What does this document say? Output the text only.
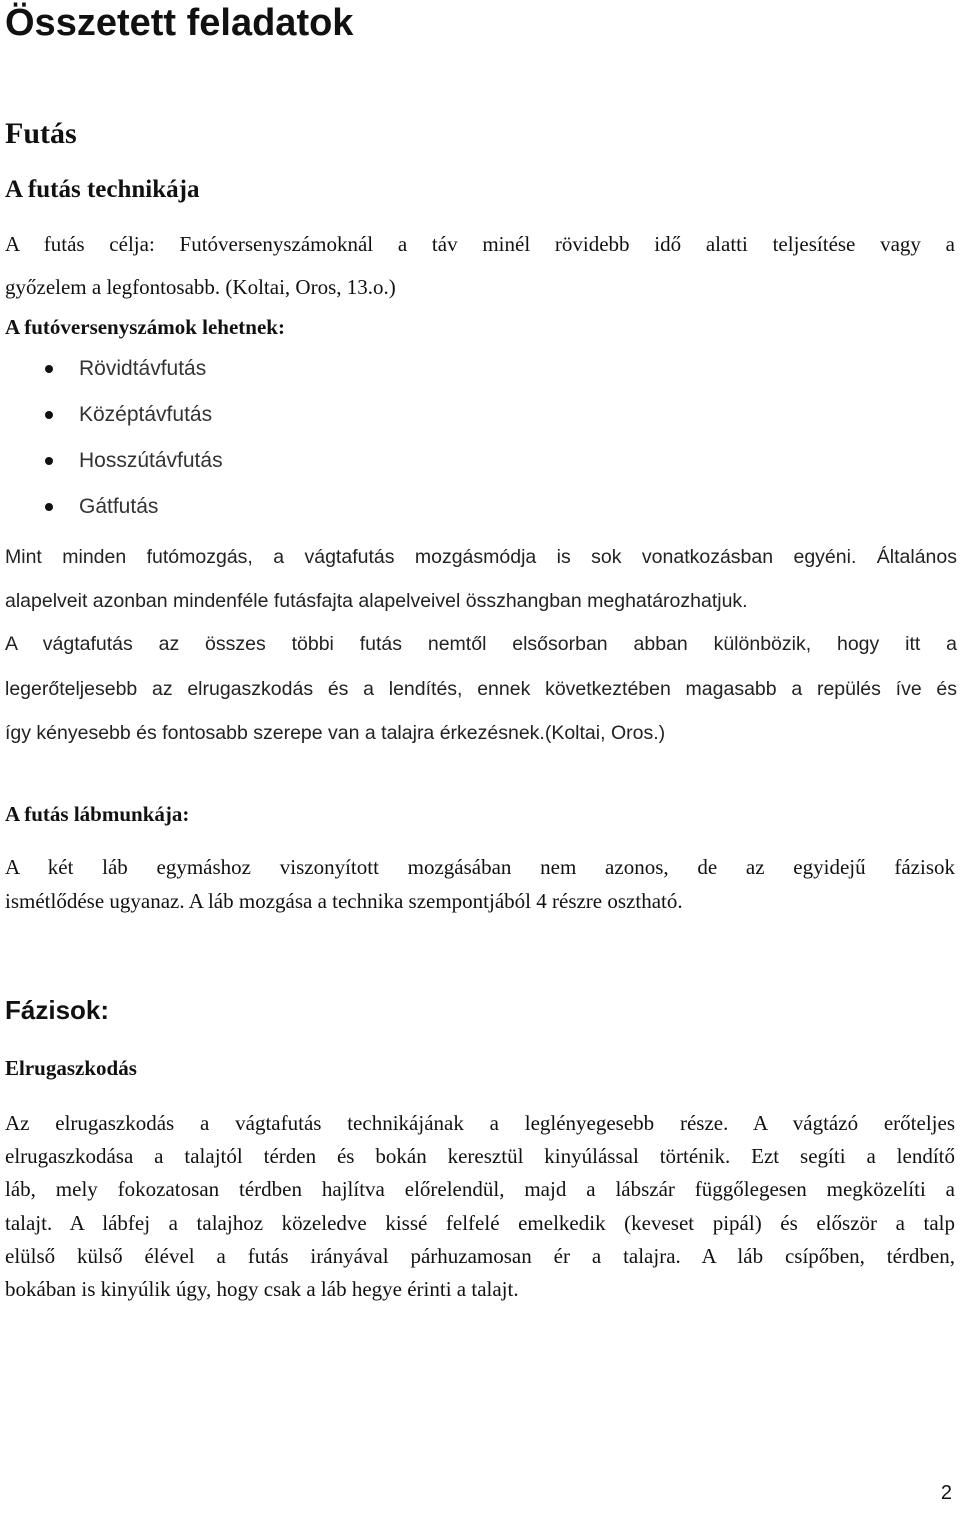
Összetett feladatok
Futás
A futás technikája
A futás célja: Futóversenyszámoknál a táv minél rövidebb idő alatti teljesítése vagy a
győzelem a legfontosabb. (Koltai, Oros, 13.o.)
A futóversenyszámok lehetnek:
Rövidtávfutás
Középtávfutás
Hosszútávfutás
Gátfutás
Mint minden futómozgás, a vágtafutás mozgásmódja is sok vonatkozásban egyéni. Általános
alapelveit azonban mindenféle futásfajta alapelveivel összhangban meghatározhatjuk.
A vágtafutás az összes többi futás nemtől elsősorban abban különbözik, hogy itt a
legerőteljesebb az elrugaszkodás és a lendítés, ennek következtében magasabb a repülés íve és
így kényesebb és fontosabb szerepe van a talajra érkezésnek.(Koltai, Oros.)
A futás lábmunkája:
A két láb egymáshoz viszonyított mozgásában nem azonos, de az egyidejű fázisok
ismétlődése ugyanaz. A láb mozgása a technika szempontjából 4 részre osztható.
Fázisok:
Elrugaszkodás
Az elrugaszkodás a vágtafutás technikájának a leglényegesebb része. A vágtázó erőteljes
elrugaszkodása a talajtól térden és bokán keresztül kinyúlással történik. Ezt segíti a lendítő
láb, mely fokozatosan térdben hajlítva előrelendül, majd a lábszár függőlegesen megközelíti a
talajt. A lábfej a talajhoz közeledve kissé felfelé emelkedik (keveset pipál) és először a talp
elülső külső élével a futás irányával párhuzamosan ér a talajra. A láb csípőben, térdben,
bokában is kinyúlik úgy, hogy csak a láb hegye érinti a talajt.
2
